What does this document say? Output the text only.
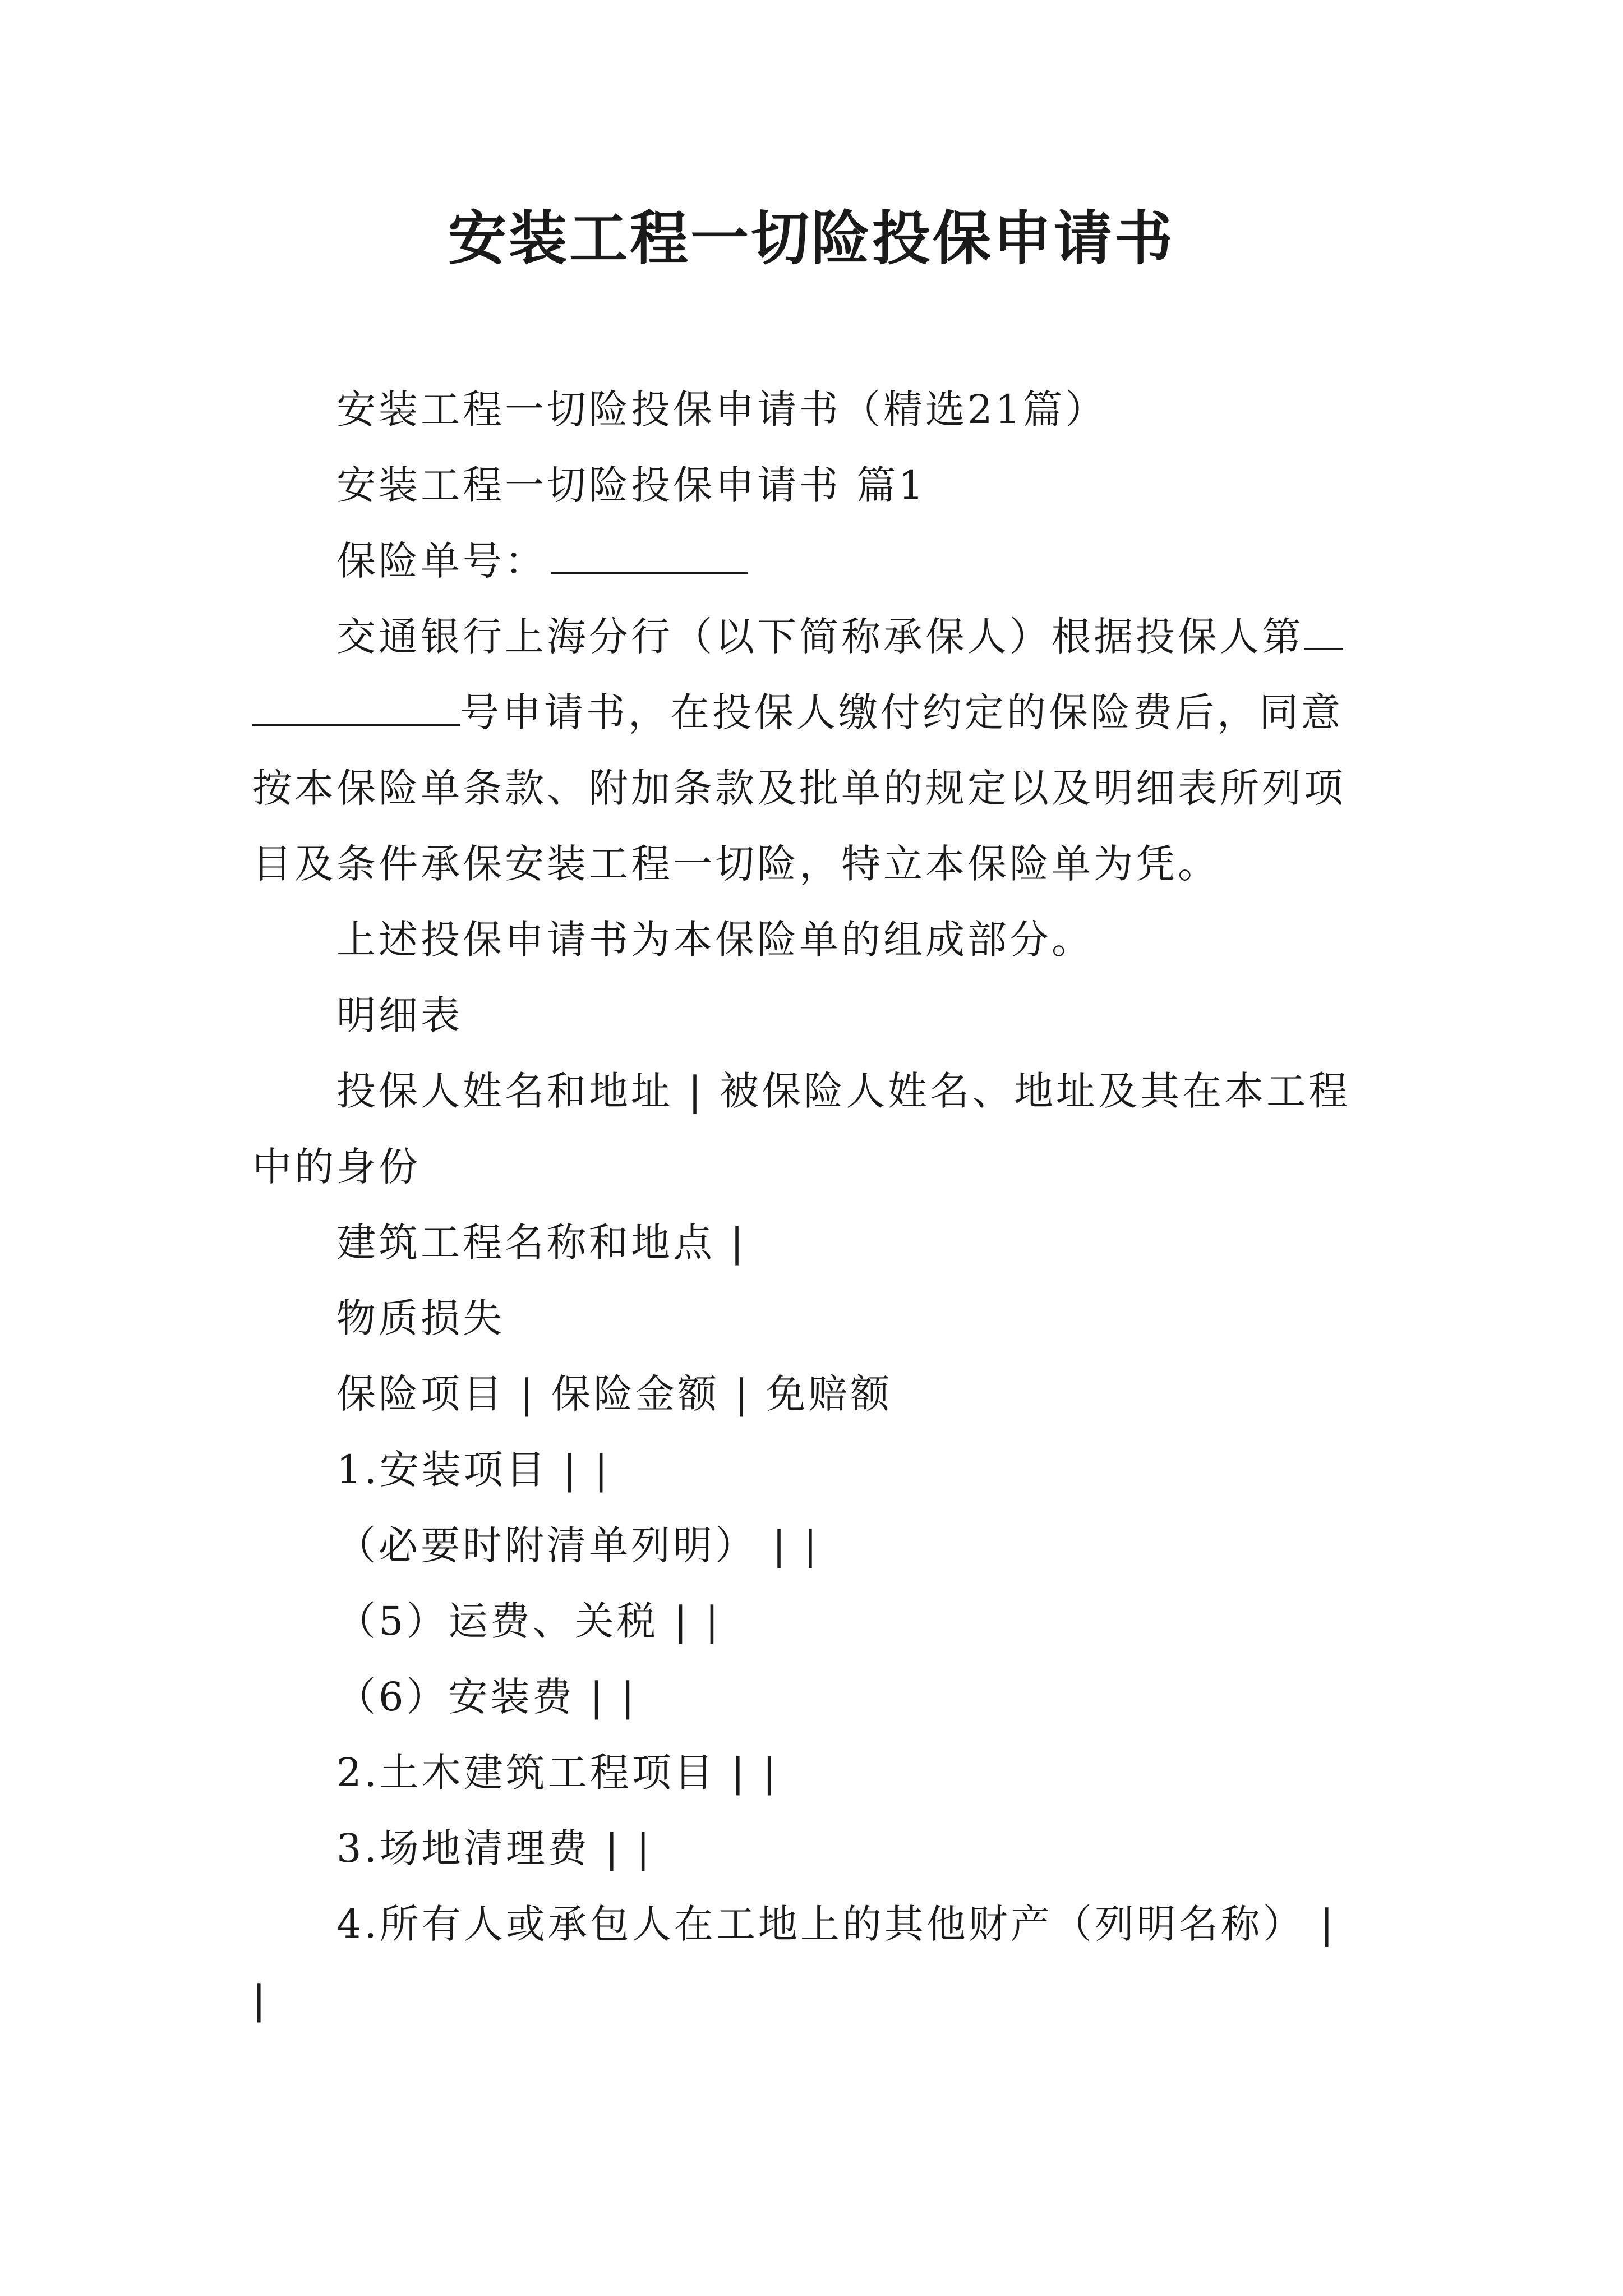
安装工程一切险投保申请书
安装工程一切险投保申请书（精选21篇）
安装工程一切险投保申请书 篇1
保险单号：
交通银行上海分行（以下简称承保人）根据投保人第
号申请书，在投保人缴付约定的保险费后，同意
按本保险单条款、附加条款及批单的规定以及明细表所列项
目及条件承保安装工程一切险，特立本保险单为凭。
上述投保申请书为本保险单的组成部分。
明细表
投保人姓名和地址 | 被保险人姓名、地址及其在本工程
中的身份
建筑工程名称和地点 |
物质损失
保险项目 | 保险金额 | 免赔额
1.安装项目 | |
（必要时附清单列明） | |
（5）运费、关税 | |
（6）安装费 | |
2.土木建筑工程项目 | |
3.场地清理费 | |
4.所有人或承包人在工地上的其他财产（列明名称） |
|
